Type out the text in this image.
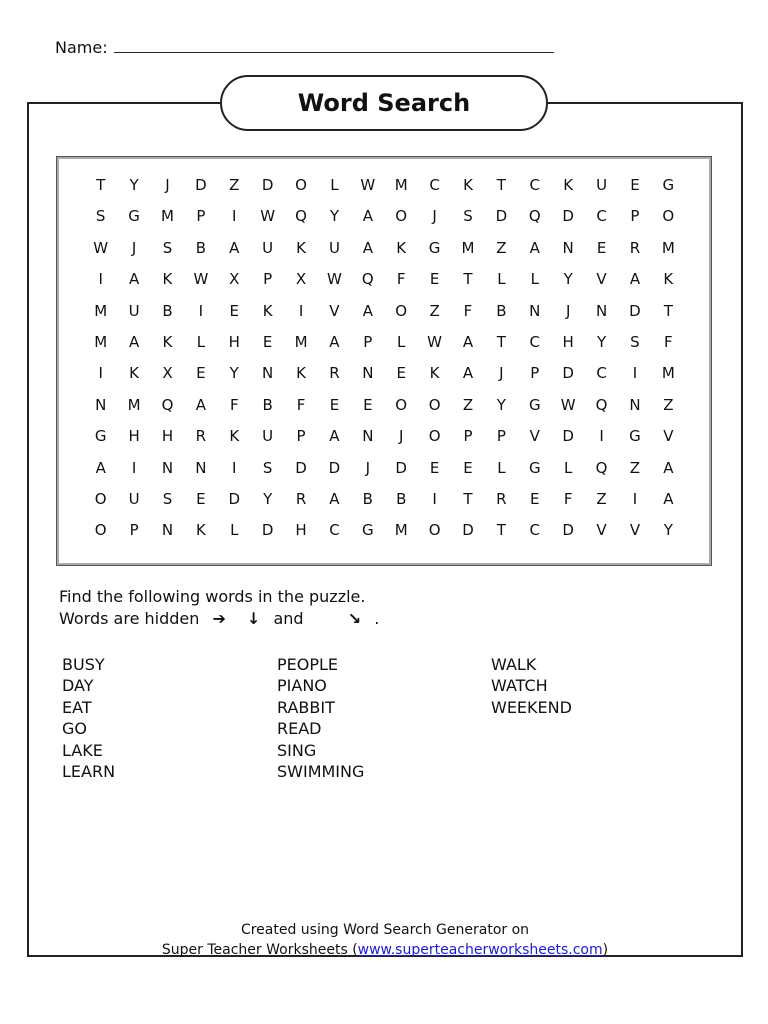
Name:
Word Search
T	Y	J	D	Z	D	O	L	W	M	C	K	T	C	K	U	E	G
S	G	M	P	I	W	Q	Y	A	O	J	S	D	Q	D	C	P	O
W	J	S	B	A	U	K	U	A	K	G	M	Z	A	N	E	R	M
I	A	K	W	X	P	X	W	Q	F	E	T	L	L	Y	V	A	K
M	U	B	I	E	K	I	V	A	O	Z	F	B	N	J	N	D	T
M	A	K	L	H	E	M	A	P	L	W	A	T	C	H	Y	S	F
I	K	X	E	Y	N	K	R	N	E	K	A	J	P	D	C	I	M
N	M	Q	A	F	B	F	E	E	O	O	Z	Y	G	W	Q	N	Z
G	H	H	R	K	U	P	A	N	J	O	P	P	V	D	I	G	V
A	I	N	N	I	S	D	D	J	D	E	E	L	G	L	Q	Z	A
O	U	S	E	D	Y	R	A	B	B	I	T	R	E	F	Z	I	A
O	P	N	K	L	D	H	C	G	M	O	D	T	C	D	V	V	Y
Find the following words in the puzzle.
Words are hidden ➔ ↓ and	↘ .
BUSY
DAY
EAT
GO
LAKE
LEARN
PEOPLE
PIANO
RABBIT
READ
SING
SWIMMING
WALK
WATCH
WEEKEND
Created using Word Search Generator on
Super Teacher Worksheets (www.superteacherworksheets.com)
